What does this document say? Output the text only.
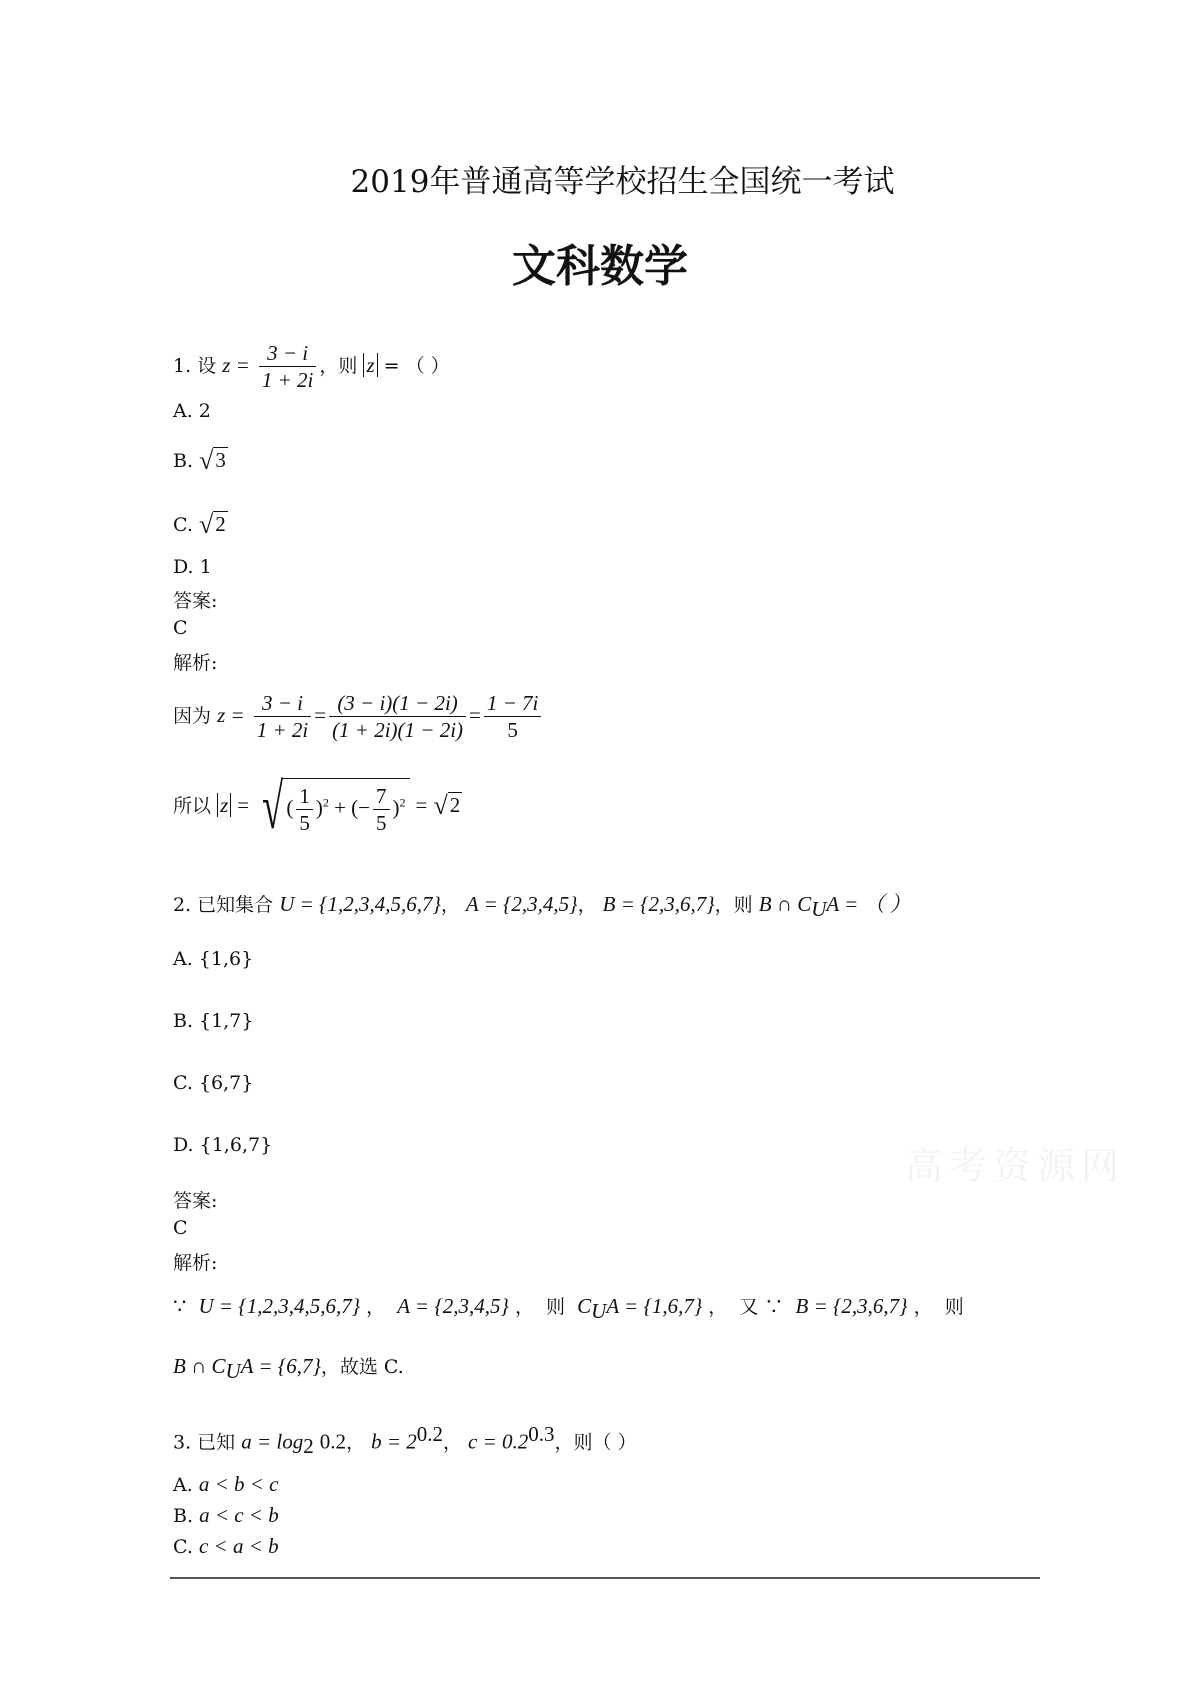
2019年普通高等学校招生全国统一考试
文科数学
1. 设 $z = \frac{3 - i}{1 + 2i}$ ，则 z = （ ）
A. 2
B. √3
C. √2
D. 1
答案:
C
解析:
因为 $z = \frac{3 - i}{1 + 2i} = \frac{(3 - i)(1 - 2i)}{(1 + 2i)(1 - 2i)} = \frac{1 - 7i}{5}$
所以 z = √ ( $\frac{1}{5} )^2$ + (− $\frac{7}{5} )^2 = √2$
2. 已知集合 U = {1,2,3,4,5,6,7}， A = {2,3,4,5}， B = {2,3,6,7}，则 B ∩ $C_UA$ = （ ）
A. {1,6}
B. {1,7}
C. {6,7}
D. {1,6,7}
答案:
C
解析:
∵ U = {1,2,3,4,5,6,7} ，  A = {2,3,4,5} ，  则 $C_UA = \{1,6,7\}$ ，  又 ∵ B = {2,3,6,7} ，  则
B ∩ $C_UA = \{6,7\}$，故选 C.
3. 已知 $a = \log_2 0.2$， $b = 2^{0.2}$， $c = 0.2^{0.3}$，则（ ）
A. a < b < c
B. a < c < b
C. c < a < b
高考资源网
